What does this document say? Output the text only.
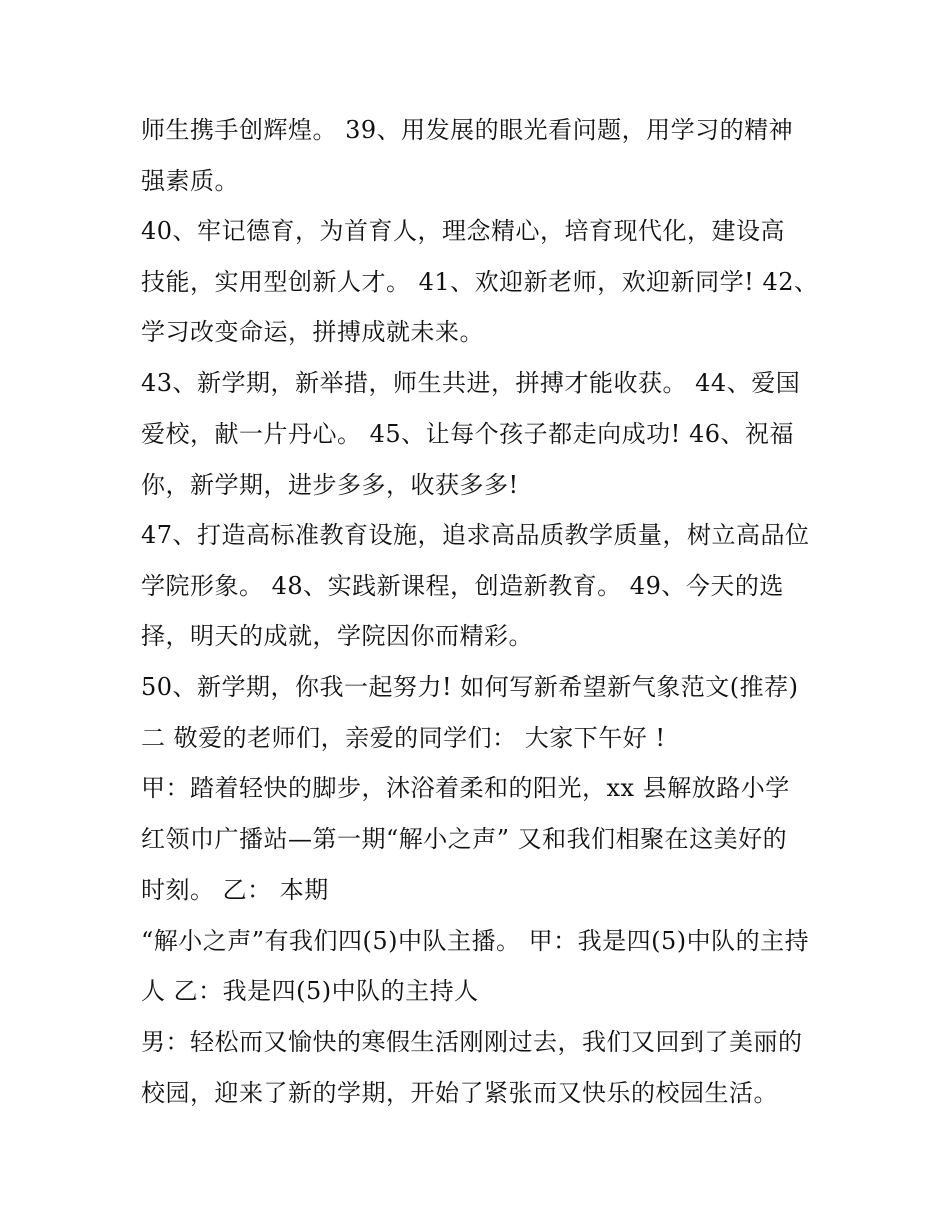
师生携手创辉煌。 39、用发展的眼光看问题，用学习的精神
强素质。
40、牢记德育，为首育人，理念精心，培育现代化，建设高
技能，实用型创新人才。 41、欢迎新老师，欢迎新同学! 42、
学习改变命运，拼搏成就未来。
43、新学期，新举措，师生共进，拼搏才能收获。 44、爱国
爱校，献一片丹心。 45、让每个孩子都走向成功! 46、祝福
你，新学期，进步多多，收获多多!
47、打造高标准教育设施，追求高品质教学质量，树立高品位
学院形象。 48、实践新课程，创造新教育。 49、今天的选
择，明天的成就，学院因你而精彩。
50、新学期，你我一起努力! 如何写新希望新气象范文(推荐)
二 敬爱的老师们，亲爱的同学们： 大家下午好 !
甲：踏着轻快的脚步，沐浴着柔和的阳光，xx 县解放路小学
红领巾广播站—第一期“解小之声” 又和我们相聚在这美好的
时刻。 乙： 本期
“解小之声”有我们四(5)中队主播。 甲：我是四(5)中队的主持
人 乙：我是四(5)中队的主持人
男：轻松而又愉快的寒假生活刚刚过去，我们又回到了美丽的
校园，迎来了新的学期，开始了紧张而又快乐的校园生活。
